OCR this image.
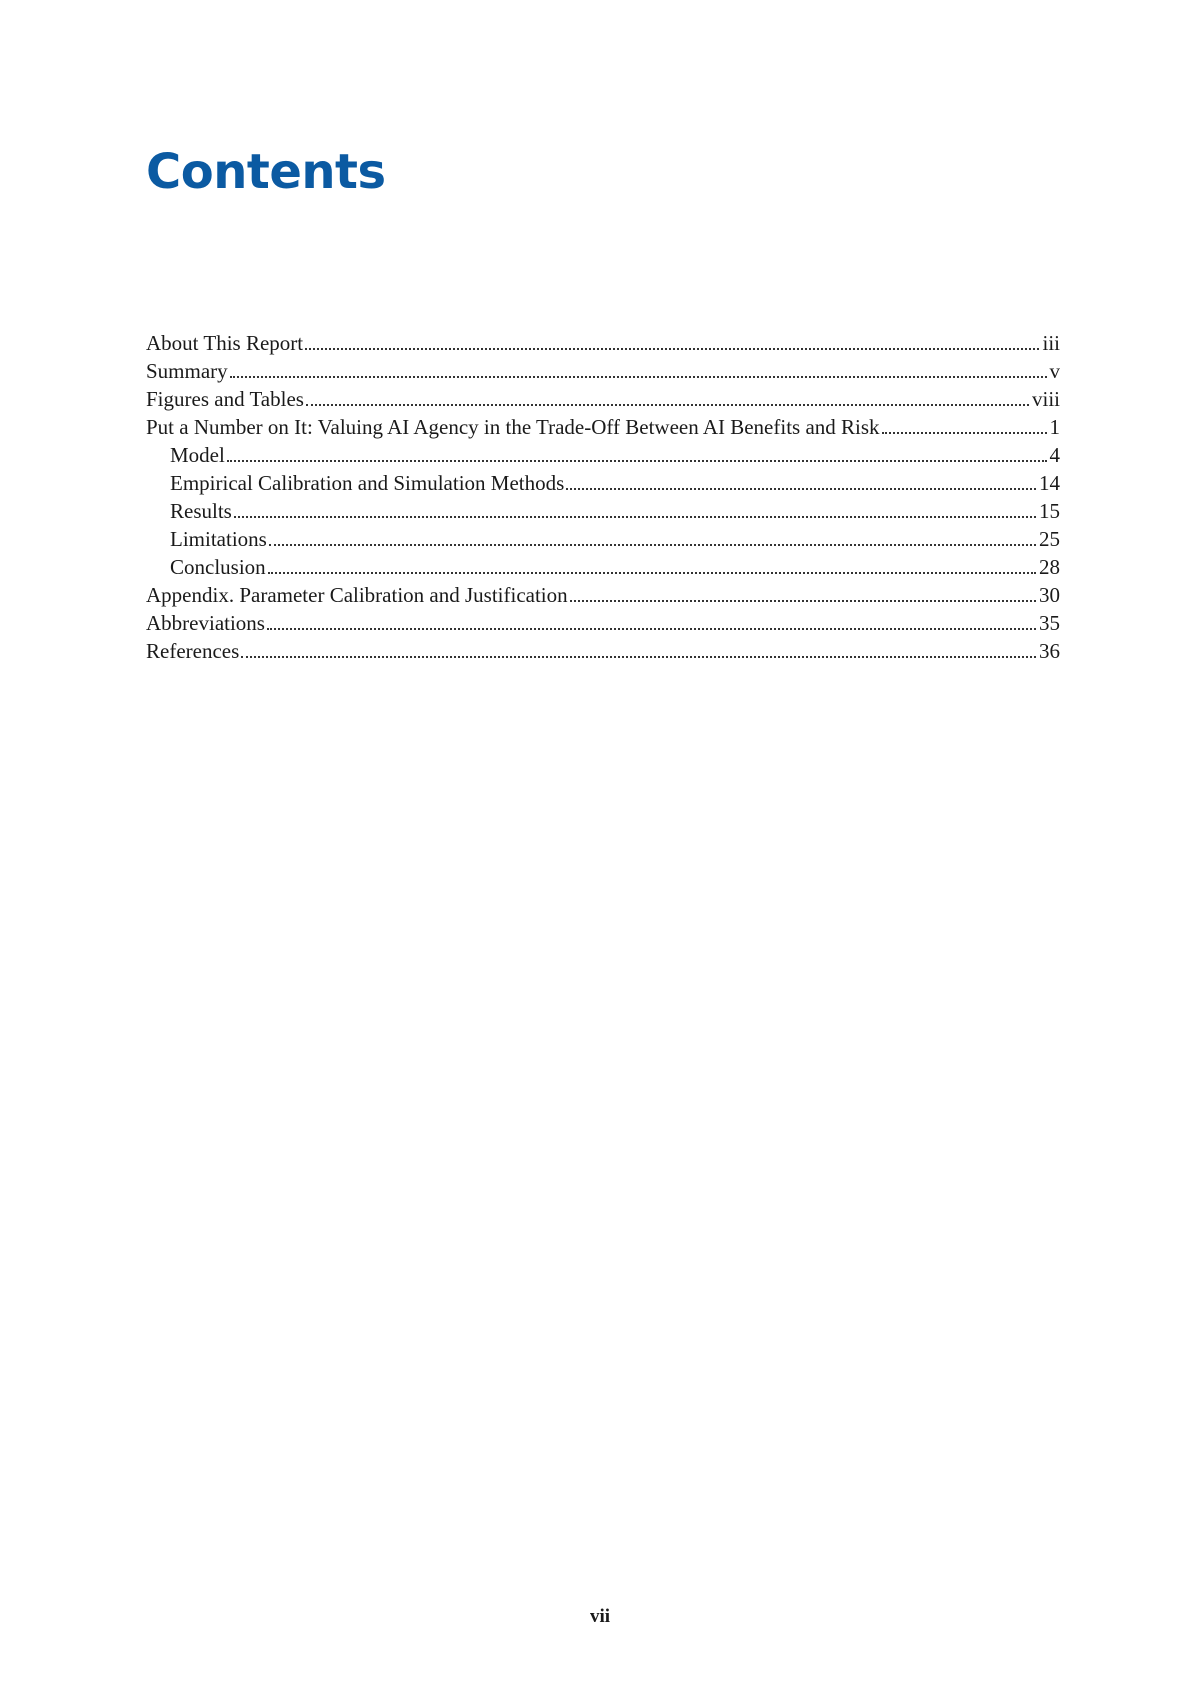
Contents
About This Report	iii
Summary	v
Figures and Tables	viii
Put a Number on It: Valuing AI Agency in the Trade-Off Between AI Benefits and Risk	1
Model	4
Empirical Calibration and Simulation Methods	14
Results	15
Limitations	25
Conclusion	28
Appendix. Parameter Calibration and Justification	30
Abbreviations	35
References	36
vii
